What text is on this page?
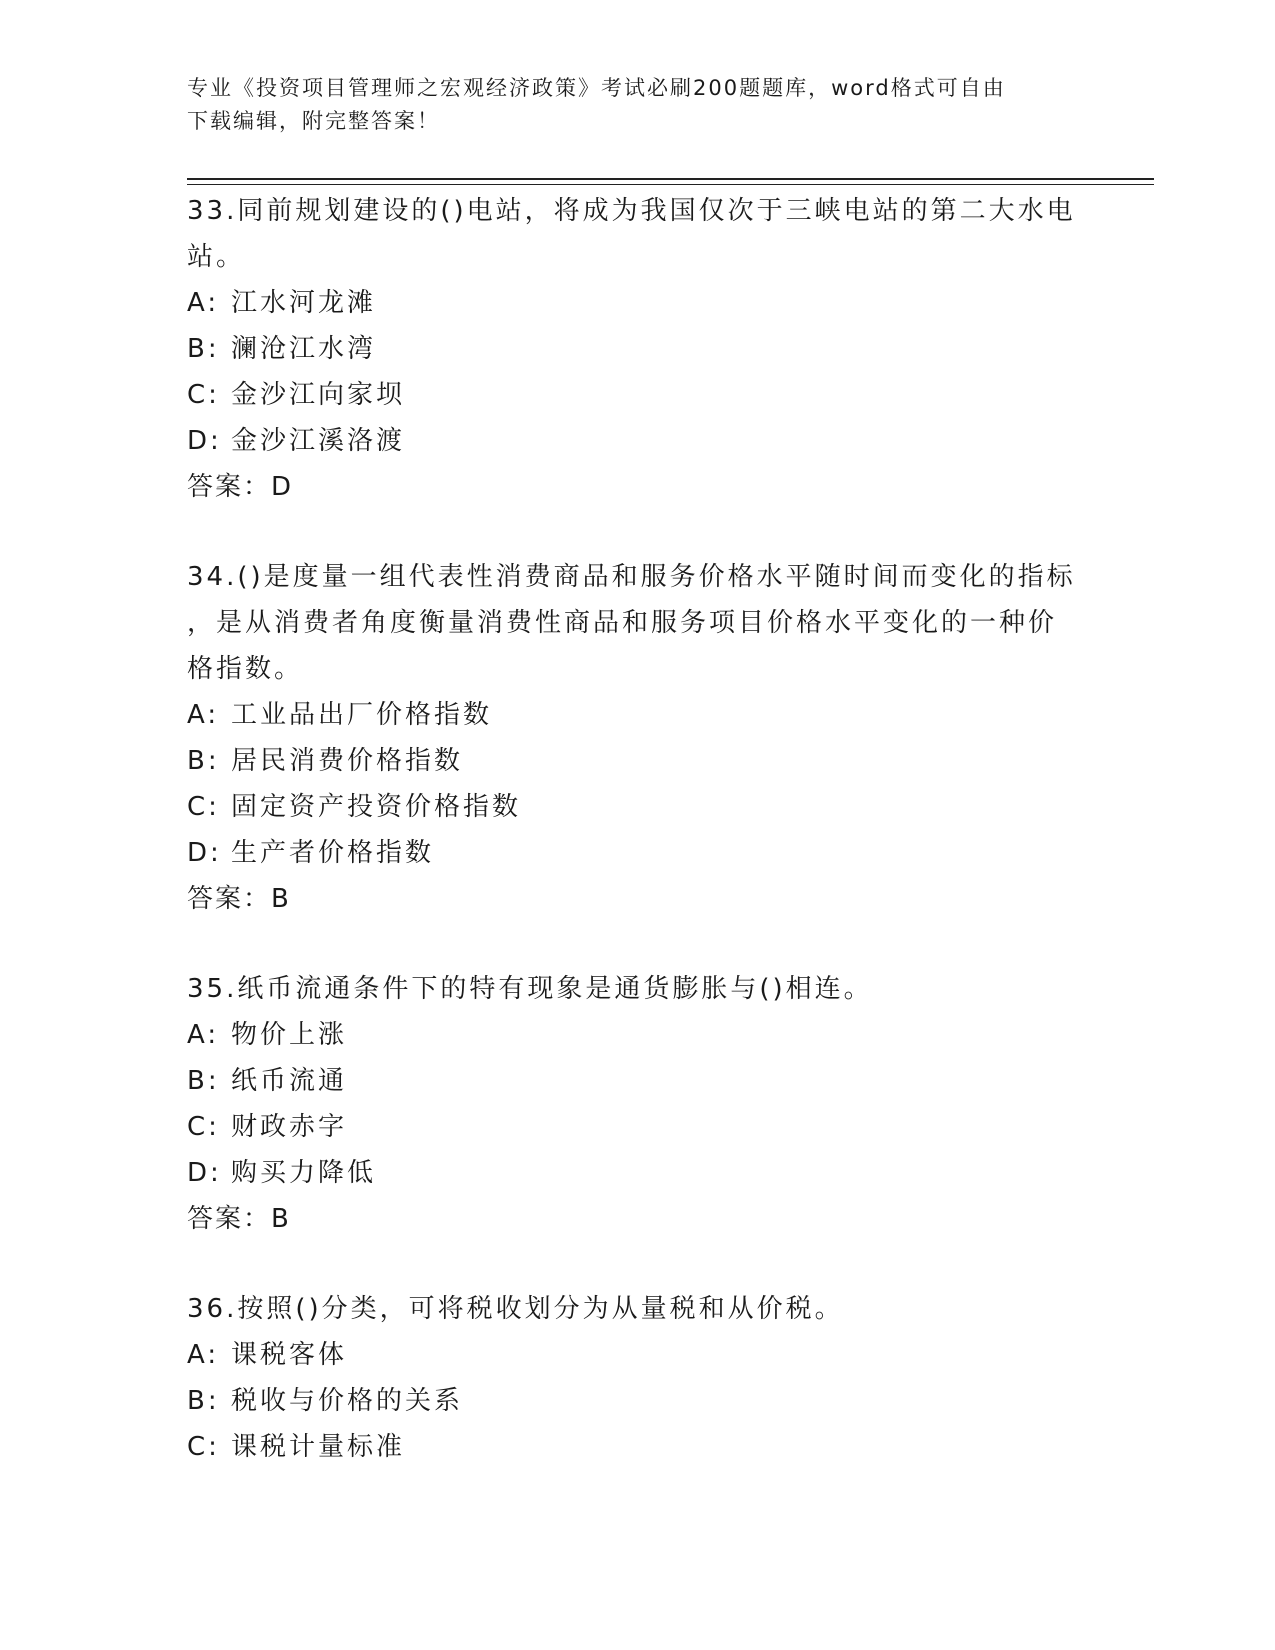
专业《投资项目管理师之宏观经济政策》考试必刷200题题库，word格式可自由
下载编辑，附完整答案！
33.同前规划建设的()电站，将成为我国仅次于三峡电站的第二大水电
站。
A: 江水河龙滩
B: 澜沧江水湾
C: 金沙江向家坝
D: 金沙江溪洛渡
答案：D
34.()是度量一组代表性消费商品和服务价格水平随时间而变化的指标
，是从消费者角度衡量消费性商品和服务项目价格水平变化的一种价
格指数。
A: 工业品出厂价格指数
B: 居民消费价格指数
C: 固定资产投资价格指数
D: 生产者价格指数
答案：B
35.纸币流通条件下的特有现象是通货膨胀与()相连。
A: 物价上涨
B: 纸币流通
C: 财政赤字
D: 购买力降低
答案：B
36.按照()分类，可将税收划分为从量税和从价税。
A: 课税客体
B: 税收与价格的关系
C: 课税计量标准
